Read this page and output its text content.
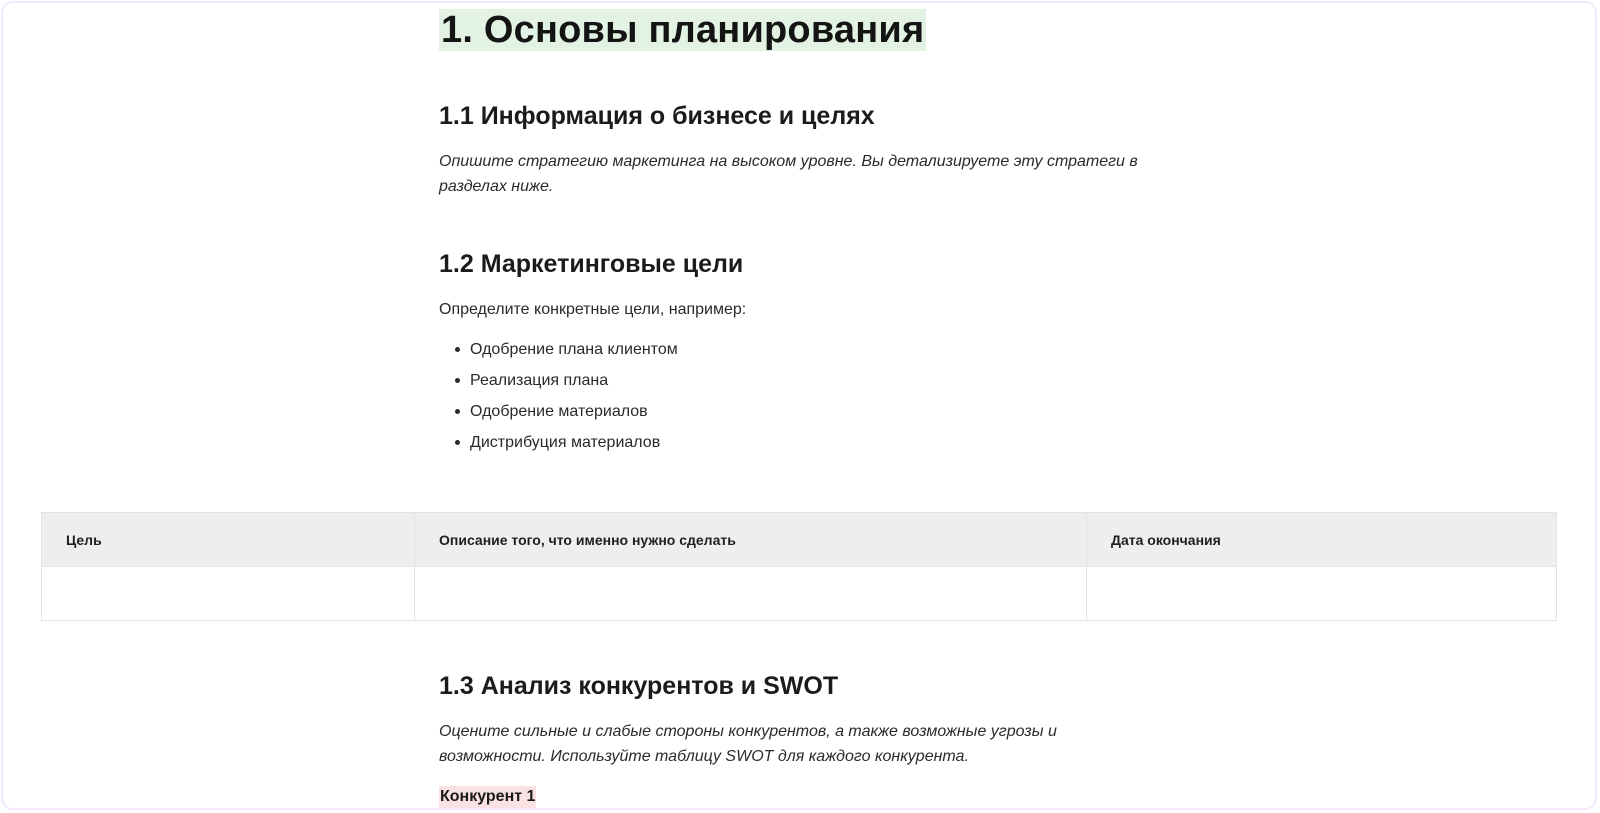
1. Основы планирования
1.1 Информация о бизнесе и целях

Опишите стратегию маркетинга на высоком уровне. Вы детализируете эту стратеги в

разделах ниже.

1.2 Маркетинговые цели

Определите конкретные цели, например:

Одобрение плана клиентом
Реализация плана
Одобрение материалов
Дистрибуция материалов
Цель	Описание того, что именно нужно сделать	Дата окончания

1.3 Анализ конкурентов и SWOT

Оцените сильные и слабые стороны конкурентов, а также возможные угрозы и

возможности. Используйте таблицу SWOT для каждого конкурента.

Конкурент 1
